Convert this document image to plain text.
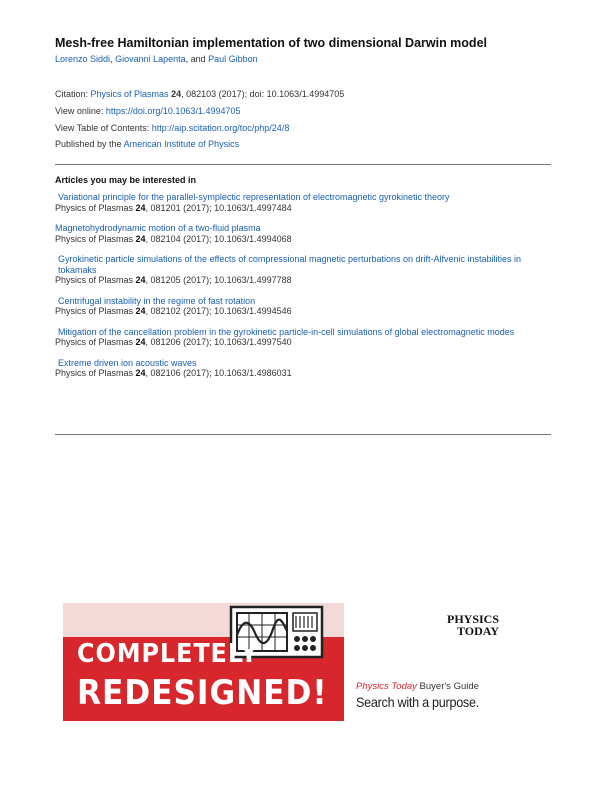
Mesh-free Hamiltonian implementation of two dimensional Darwin model
Lorenzo Siddi, Giovanni Lapenta, and Paul Gibbon
Citation: Physics of Plasmas 24, 082103 (2017); doi: 10.1063/1.4994705
View online: https://doi.org/10.1063/1.4994705
View Table of Contents: http://aip.scitation.org/toc/php/24/8
Published by the American Institute of Physics
Articles you may be interested in
Variational principle for the parallel-symplectic representation of electromagnetic gyrokinetic theory
Physics of Plasmas 24, 081201 (2017); 10.1063/1.4997484
Magnetohydrodynamic motion of a two-fluid plasma
Physics of Plasmas 24, 082104 (2017); 10.1063/1.4994068
Gyrokinetic particle simulations of the effects of compressional magnetic perturbations on drift-Alfvenic instabilities in tokamaks
Physics of Plasmas 24, 081205 (2017); 10.1063/1.4997788
Centrifugal instability in the regime of fast rotation
Physics of Plasmas 24, 082102 (2017); 10.1063/1.4994546
Mitigation of the cancellation problem in the gyrokinetic particle-in-cell simulations of global electromagnetic modes
Physics of Plasmas 24, 081206 (2017); 10.1063/1.4997540
Extreme driven ion acoustic waves
Physics of Plasmas 24, 082106 (2017); 10.1063/1.4986031
COMPLETELY
REDESIGNED!
PHYSICS
TODAY
Physics Today Buyer's Guide
Search with a purpose.
